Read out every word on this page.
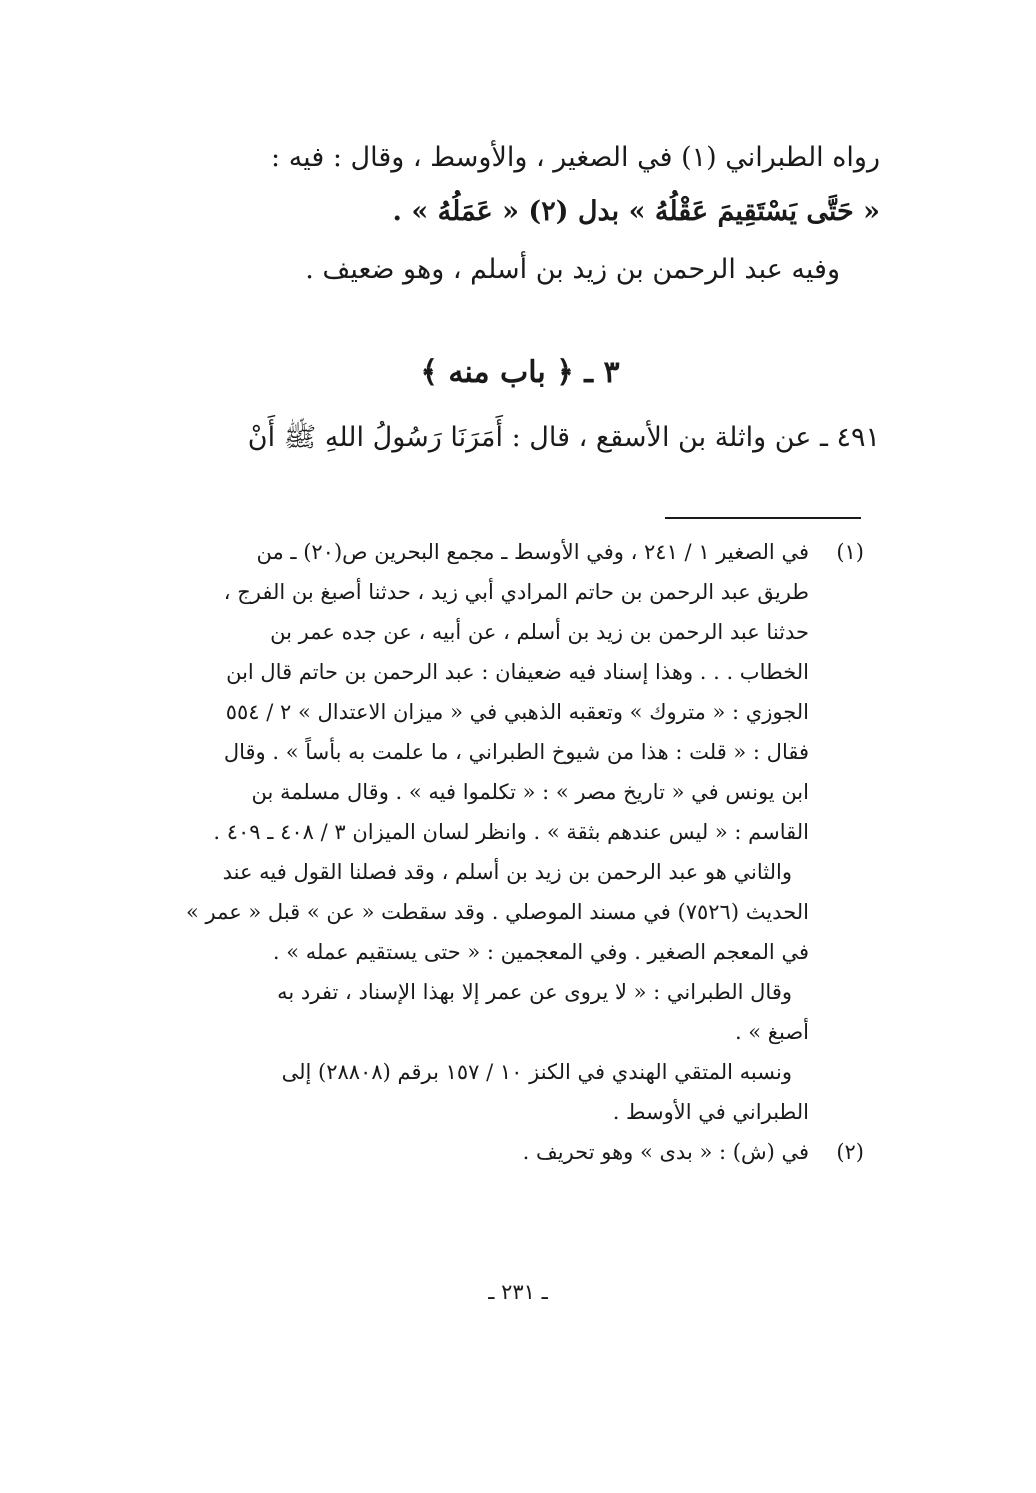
رواه الطبراني (١) في الصغير ، والأوسط ، وقال : فيه :

« حَتَّى يَسْتَقِيمَ عَقْلُهُ » بدل (٢) « عَمَلُهُ » .

وفيه عبد الرحمن بن زيد بن أسلم ، وهو ضعيف .

٣ ـ ﴿ باب منه ﴾

٤٩١ ـ عن واثلة بن الأسقع ، قال : أَمَرَنَا رَسُولُ اللهِ ﷺ أَنْ

(١)في الصغير ١ / ٢٤١ ، وفي الأوسط ـ مجمع البحرين ص(٢٠) ـ من

طريق عبد الرحمن بن حاتم المرادي أبي زيد ، حدثنا أصبغ بن الفرج ،

حدثنا عبد الرحمن بن زيد بن أسلم ، عن أبيه ، عن جده عمر بن

الخطاب . . . وهذا إسناد فيه ضعيفان : عبد الرحمن بن حاتم قال ابن

الجوزي : « متروك » وتعقبه الذهبي في « ميزان الاعتدال » ٢ / ٥٥٤

فقال : « قلت : هذا من شيوخ الطبراني ، ما علمت به بأساً » . وقال

ابن يونس في « تاريخ مصر » : « تكلموا فيه » . وقال مسلمة بن

القاسم : « ليس عندهم بثقة » . وانظر لسان الميزان ٣ / ٤٠٨ ـ ٤٠٩ .

والثاني هو عبد الرحمن بن زيد بن أسلم ، وقد فصلنا القول فيه عند

الحديث (٧٥٢٦) في مسند الموصلي . وقد سقطت « عن » قبل « عمر »

في المعجم الصغير . وفي المعجمين : « حتى يستقيم عمله » .

وقال الطبراني : « لا يروى عن عمر إلا بهذا الإسناد ، تفرد به

أصبغ » .

ونسبه المتقي الهندي في الكنز ١٠ / ١٥٧ برقم (٢٨٨٠٨) إلى

الطبراني في الأوسط .

(٢)في (ش) : « بدى » وهو تحريف .

ـ ٢٣١ ـ
